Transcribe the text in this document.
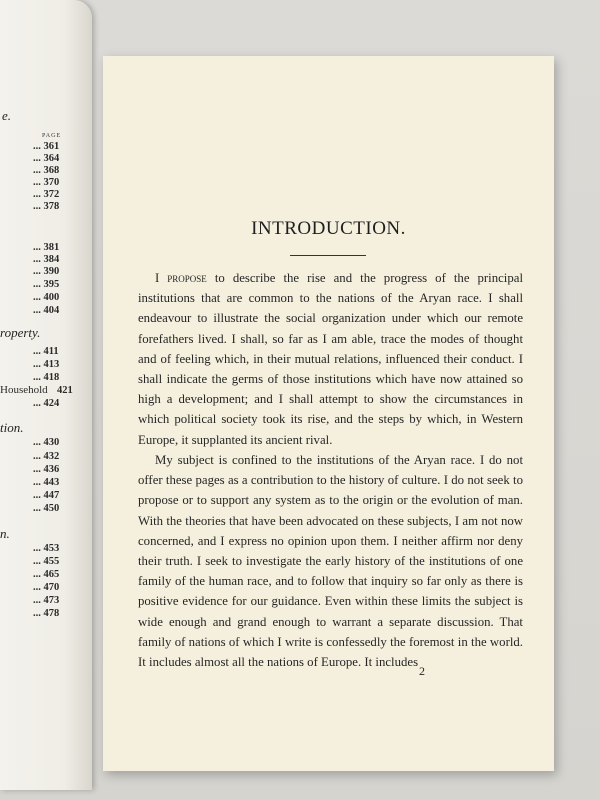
e.
PAGE
... 361
... 364
... 368
... 370
... 372
... 378
... 381
... 384
... 390
... 395
... 400
... 404
roperty.
... 411
... 413
... 418
Household 421
... 424
tion.
... 430
... 432
... 436
... 443
... 447
... 450
n.
... 453
... 455
... 465
... 470
... 473
... 478
INTRODUCTION.
I propose to describe the rise and the progress of the principal institutions that are common to the nations of the Aryan race. I shall endeavour to illustrate the social organization under which our remote forefathers lived. I shall, so far as I am able, trace the modes of thought and of feeling which, in their mutual relations, influenced their conduct. I shall indicate the germs of those institutions which have now attained so high a development; and I shall attempt to show the circumstances in which political society took its rise, and the steps by which, in Western Europe, it supplanted its ancient rival.
My subject is confined to the institutions of the Aryan race. I do not offer these pages as a contribution to the history of culture. I do not seek to propose or to support any system as to the origin or the evolution of man. With the theories that have been advocated on these subjects, I am not now concerned, and I express no opinion upon them. I neither affirm nor deny their truth. I seek to investigate the early history of the institutions of one family of the human race, and to follow that inquiry so far only as there is positive evidence for our guidance. Even within these limits the subject is wide enough and grand enough to warrant a separate discussion. That family of nations of which I write is confessedly the foremost in the world. It includes almost all the nations of Europe. It includes
2
